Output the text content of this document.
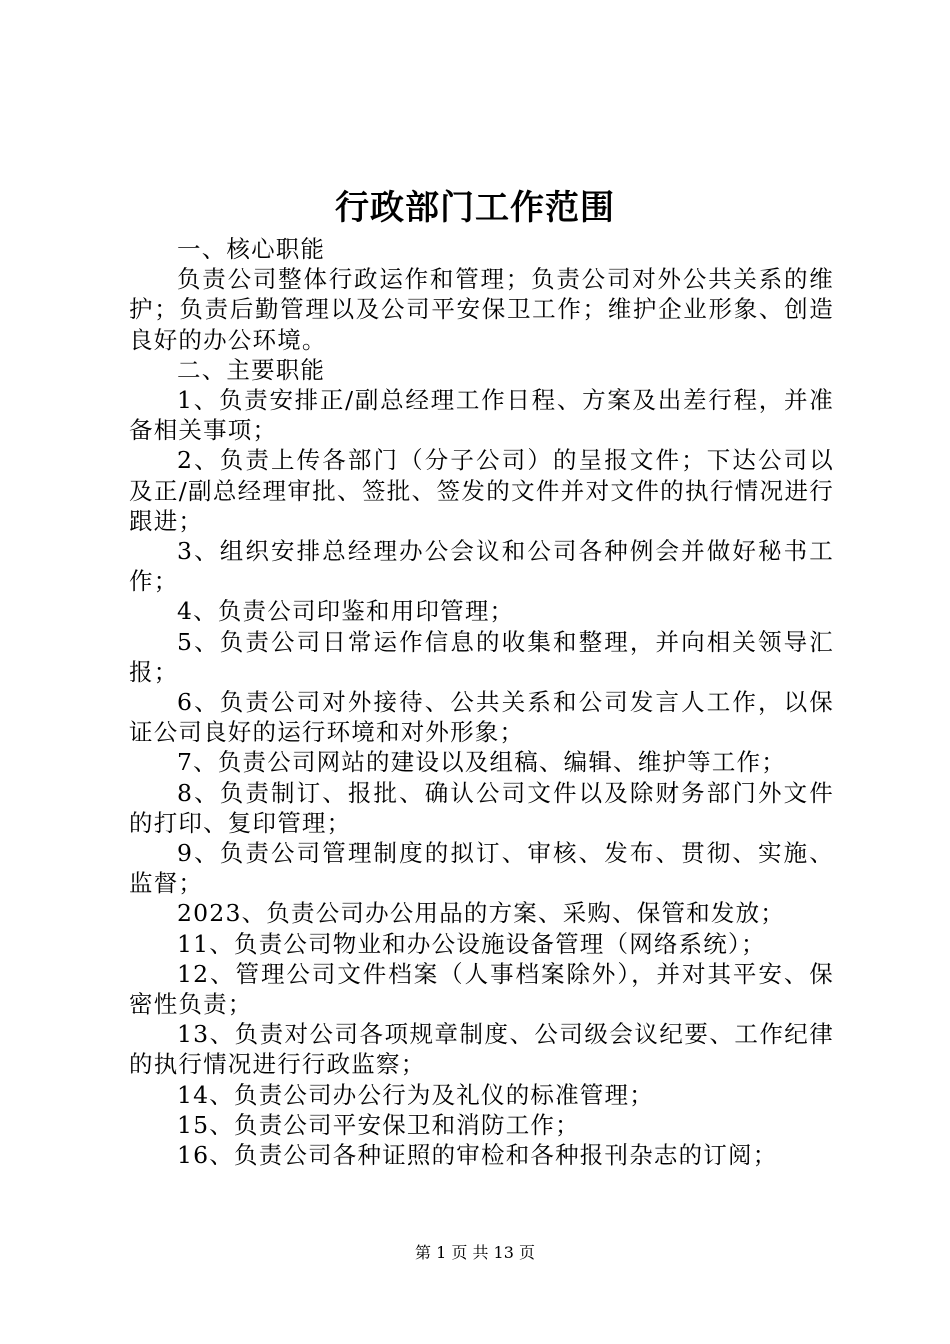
行政部门工作范围

一、核心职能

负责公司整体行政运作和管理；负责公司对外公共关系的维护；负责后勤管理以及公司平安保卫工作；维护企业形象、创造良好的办公环境。

二、主要职能

1、负责安排正/副总经理工作日程、方案及出差行程，并准备相关事项；

2、负责上传各部门（分子公司）的呈报文件；下达公司以及正/副总经理审批、签批、签发的文件并对文件的执行情况进行跟进；

3、组织安排总经理办公会议和公司各种例会并做好秘书工作；

4、负责公司印鉴和用印管理；

5、负责公司日常运作信息的收集和整理，并向相关领导汇报；

6、负责公司对外接待、公共关系和公司发言人工作，以保证公司良好的运行环境和对外形象；

7、负责公司网站的建设以及组稿、编辑、维护等工作；

8、负责制订、报批、确认公司文件以及除财务部门外文件的打印、复印管理；

9、负责公司管理制度的拟订、审核、发布、贯彻、实施、监督；

2023、负责公司办公用品的方案、采购、保管和发放；

11、负责公司物业和办公设施设备管理（网络系统）；

12、管理公司文件档案（人事档案除外），并对其平安、保密性负责；

13、负责对公司各项规章制度、公司级会议纪要、工作纪律的执行情况进行行政监察；

14、负责公司办公行为及礼仪的标准管理；

15、负责公司平安保卫和消防工作；

16、负责公司各种证照的审检和各种报刊杂志的订阅；

第 1 页 共 13 页
